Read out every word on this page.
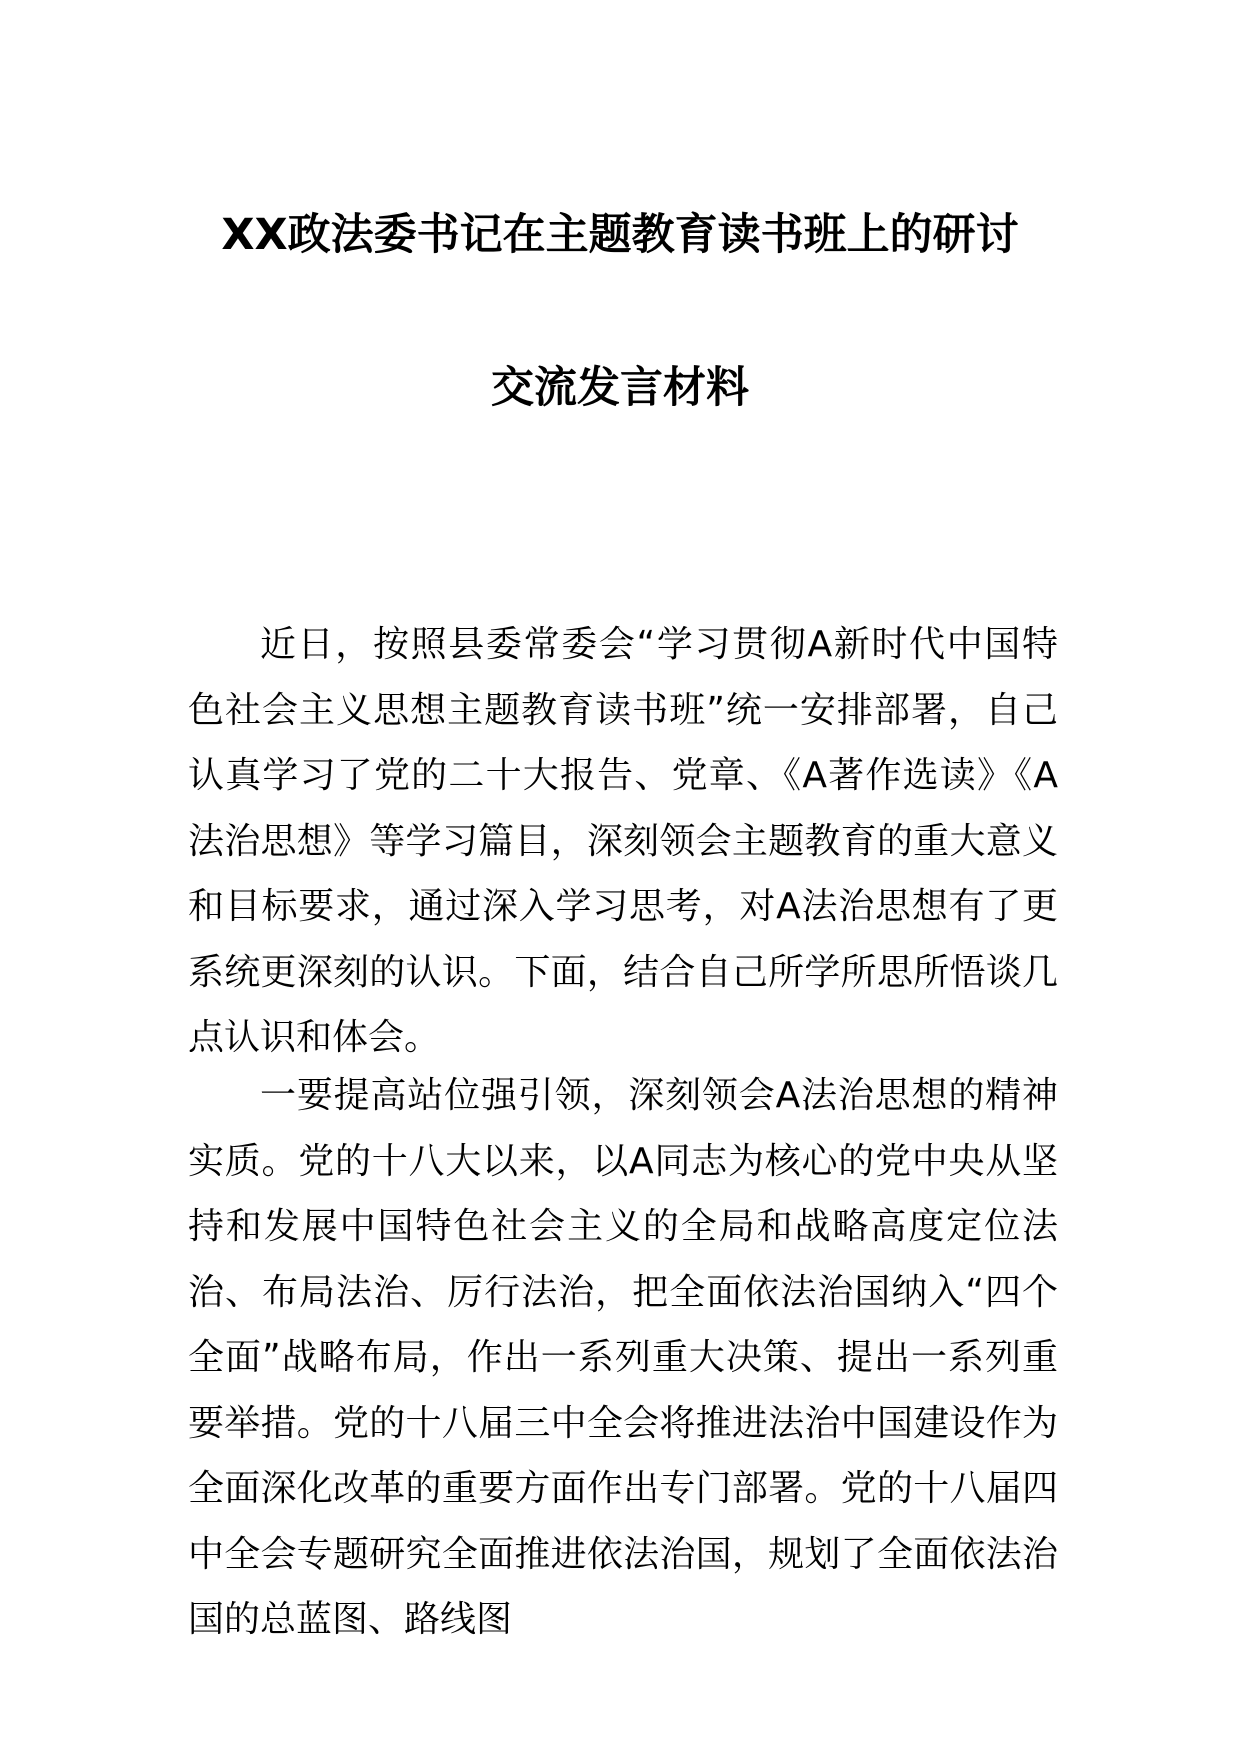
XX政法委书记在主题教育读书班上的研讨
交流发言材料

近日，按照县委常委会“学习贯彻A新时代中国特色社会主义思想主题教育读书班”统一安排部署，自己认真学习了党的二十大报告、党章、《A著作选读》《A法治思想》等学习篇目，深刻领会主题教育的重大意义和目标要求，通过深入学习思考，对A法治思想有了更系统更深刻的认识。下面，结合自己所学所思所悟谈几点认识和体会。

一要提高站位强引领，深刻领会A法治思想的精神实质。党的十八大以来，以A同志为核心的党中央从坚持和发展中国特色社会主义的全局和战略高度定位法治、布局法治、厉行法治，把全面依法治国纳入“四个全面”战略布局，作出一系列重大决策、提出一系列重要举措。党的十八届三中全会将推进法治中国建设作为全面深化改革的重要方面作出专门部署。党的十八届四中全会专题研究全面推进依法治国，规划了全面依法治国的总蓝图、路线图
